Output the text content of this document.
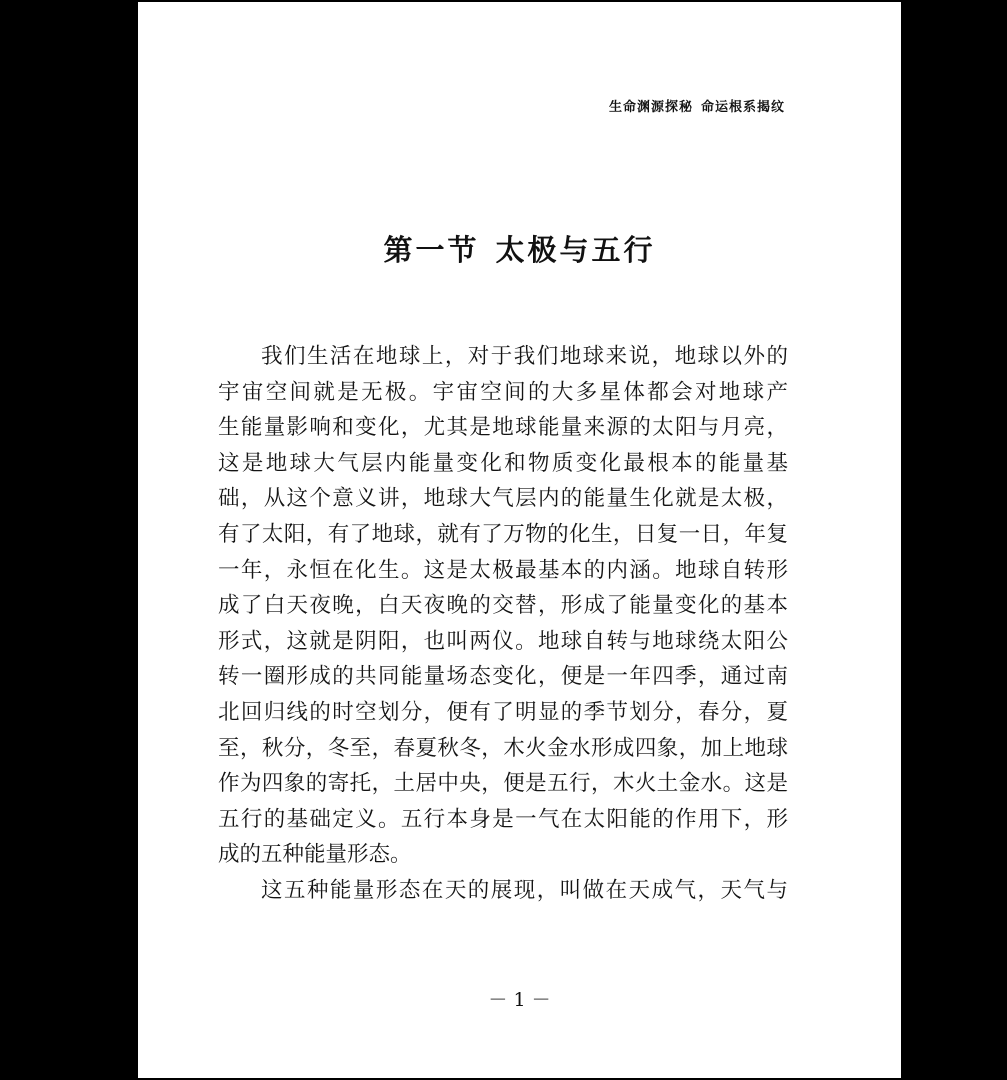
生命渊源探秘 命运根系揭纹
第一节 太极与五行
我们生活在地球上，对于我们地球来说，地球以外的
宇宙空间就是无极。宇宙空间的大多星体都会对地球产
生能量影响和变化，尤其是地球能量来源的太阳与月亮，
这是地球大气层内能量变化和物质变化最根本的能量基
础，从这个意义讲，地球大气层内的能量生化就是太极，
有了太阳，有了地球，就有了万物的化生，日复一日，年复
一年，永恒在化生。这是太极最基本的内涵。地球自转形
成了白天夜晚，白天夜晚的交替，形成了能量变化的基本
形式，这就是阴阳，也叫两仪。地球自转与地球绕太阳公
转一圈形成的共同能量场态变化，便是一年四季，通过南
北回归线的时空划分，便有了明显的季节划分，春分，夏
至，秋分，冬至，春夏秋冬，木火金水形成四象，加上地球
作为四象的寄托，土居中央，便是五行，木火土金水。这是
五行的基础定义。五行本身是一气在太阳能的作用下，形
成的五种能量形态。
这五种能量形态在天的展现，叫做在天成气，天气与
－ 1 －
